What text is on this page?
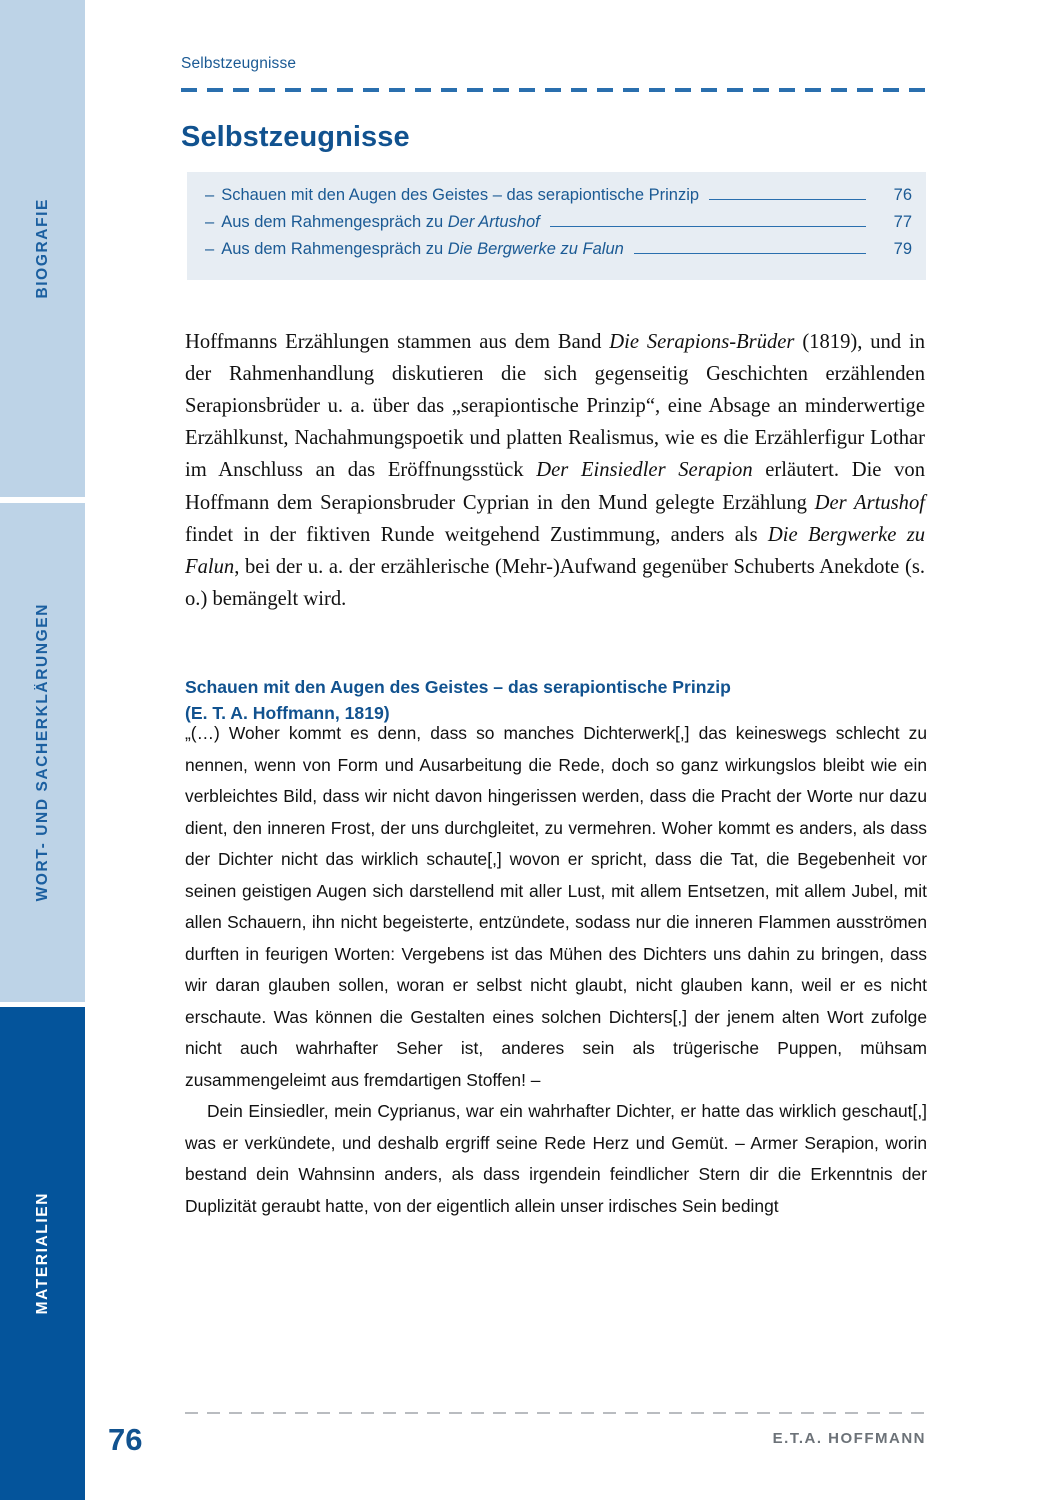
BIOGRAFIE
WORT- UND SACHERKLÄRUNGEN
MATERIALIEN
Selbstzeugnisse
Selbstzeugnisse
– Schauen mit den Augen des Geistes – das serapiontische Prinzip	76
– Aus dem Rahmengespräch zu Der Artushof	77
– Aus dem Rahmengespräch zu Die Bergwerke zu Falun	79

Hoffmanns Erzählungen stammen aus dem Band Die Serapions-Brüder (1819), und in der Rahmenhandlung diskutieren die sich gegenseitig Geschichten erzählenden Serapionsbrüder u. a. über das „serapiontische Prinzip“, eine Absage an minderwertige Erzählkunst, Nachahmungspoetik und platten Realismus, wie es die Erzählerfigur Lothar im Anschluss an das Eröffnungsstück Der Einsiedler Serapion erläutert. Die von Hoffmann dem Serapionsbruder Cyprian in den Mund gelegte Erzählung Der Artushof findet in der fiktiven Runde weitgehend Zustimmung, anders als Die Bergwerke zu Falun, bei der u. a. der erzählerische (Mehr-)Aufwand gegenüber Schuberts Anekdote (s. o.) bemängelt wird.

Schauen mit den Augen des Geistes – das serapiontische Prinzip
(E. T. A. Hoffmann, 1819)

„(…) Woher kommt es denn, dass so manches Dichterwerk[,] das keineswegs schlecht zu nennen, wenn von Form und Ausarbeitung die Rede, doch so ganz wirkungslos bleibt wie ein verbleichtes Bild, dass wir nicht davon hingerissen werden, dass die Pracht der Worte nur dazu dient, den inneren Frost, der uns durchgleitet, zu vermehren. Woher kommt es anders, als dass der Dichter nicht das wirklich schaute[,] wovon er spricht, dass die Tat, die Begebenheit vor seinen geistigen Augen sich darstellend mit aller Lust, mit allem Entsetzen, mit allem Jubel, mit allen Schauern, ihn nicht begeisterte, entzündete, sodass nur die inneren Flammen ausströmen durften in feurigen Worten: Vergebens ist das Mühen des Dichters uns dahin zu bringen, dass wir daran glauben sollen, woran er selbst nicht glaubt, nicht glauben kann, weil er es nicht erschaute. Was können die Gestalten eines solchen Dichters[,] der jenem alten Wort zufolge nicht auch wahrhafter Seher ist, anderes sein als trügerische Puppen, mühsam zusammengeleimt aus fremdartigen Stoffen! –

Dein Einsiedler, mein Cyprianus, war ein wahrhafter Dichter, er hatte das wirklich geschaut[,] was er verkündete, und deshalb ergriff seine Rede Herz und Gemüt. – Armer Serapion, worin bestand dein Wahnsinn anders, als dass irgendein feindlicher Stern dir die Erkenntnis der Duplizität geraubt hatte, von der eigentlich allein unser irdisches Sein bedingt

76	E.T.A. HOFFMANN
